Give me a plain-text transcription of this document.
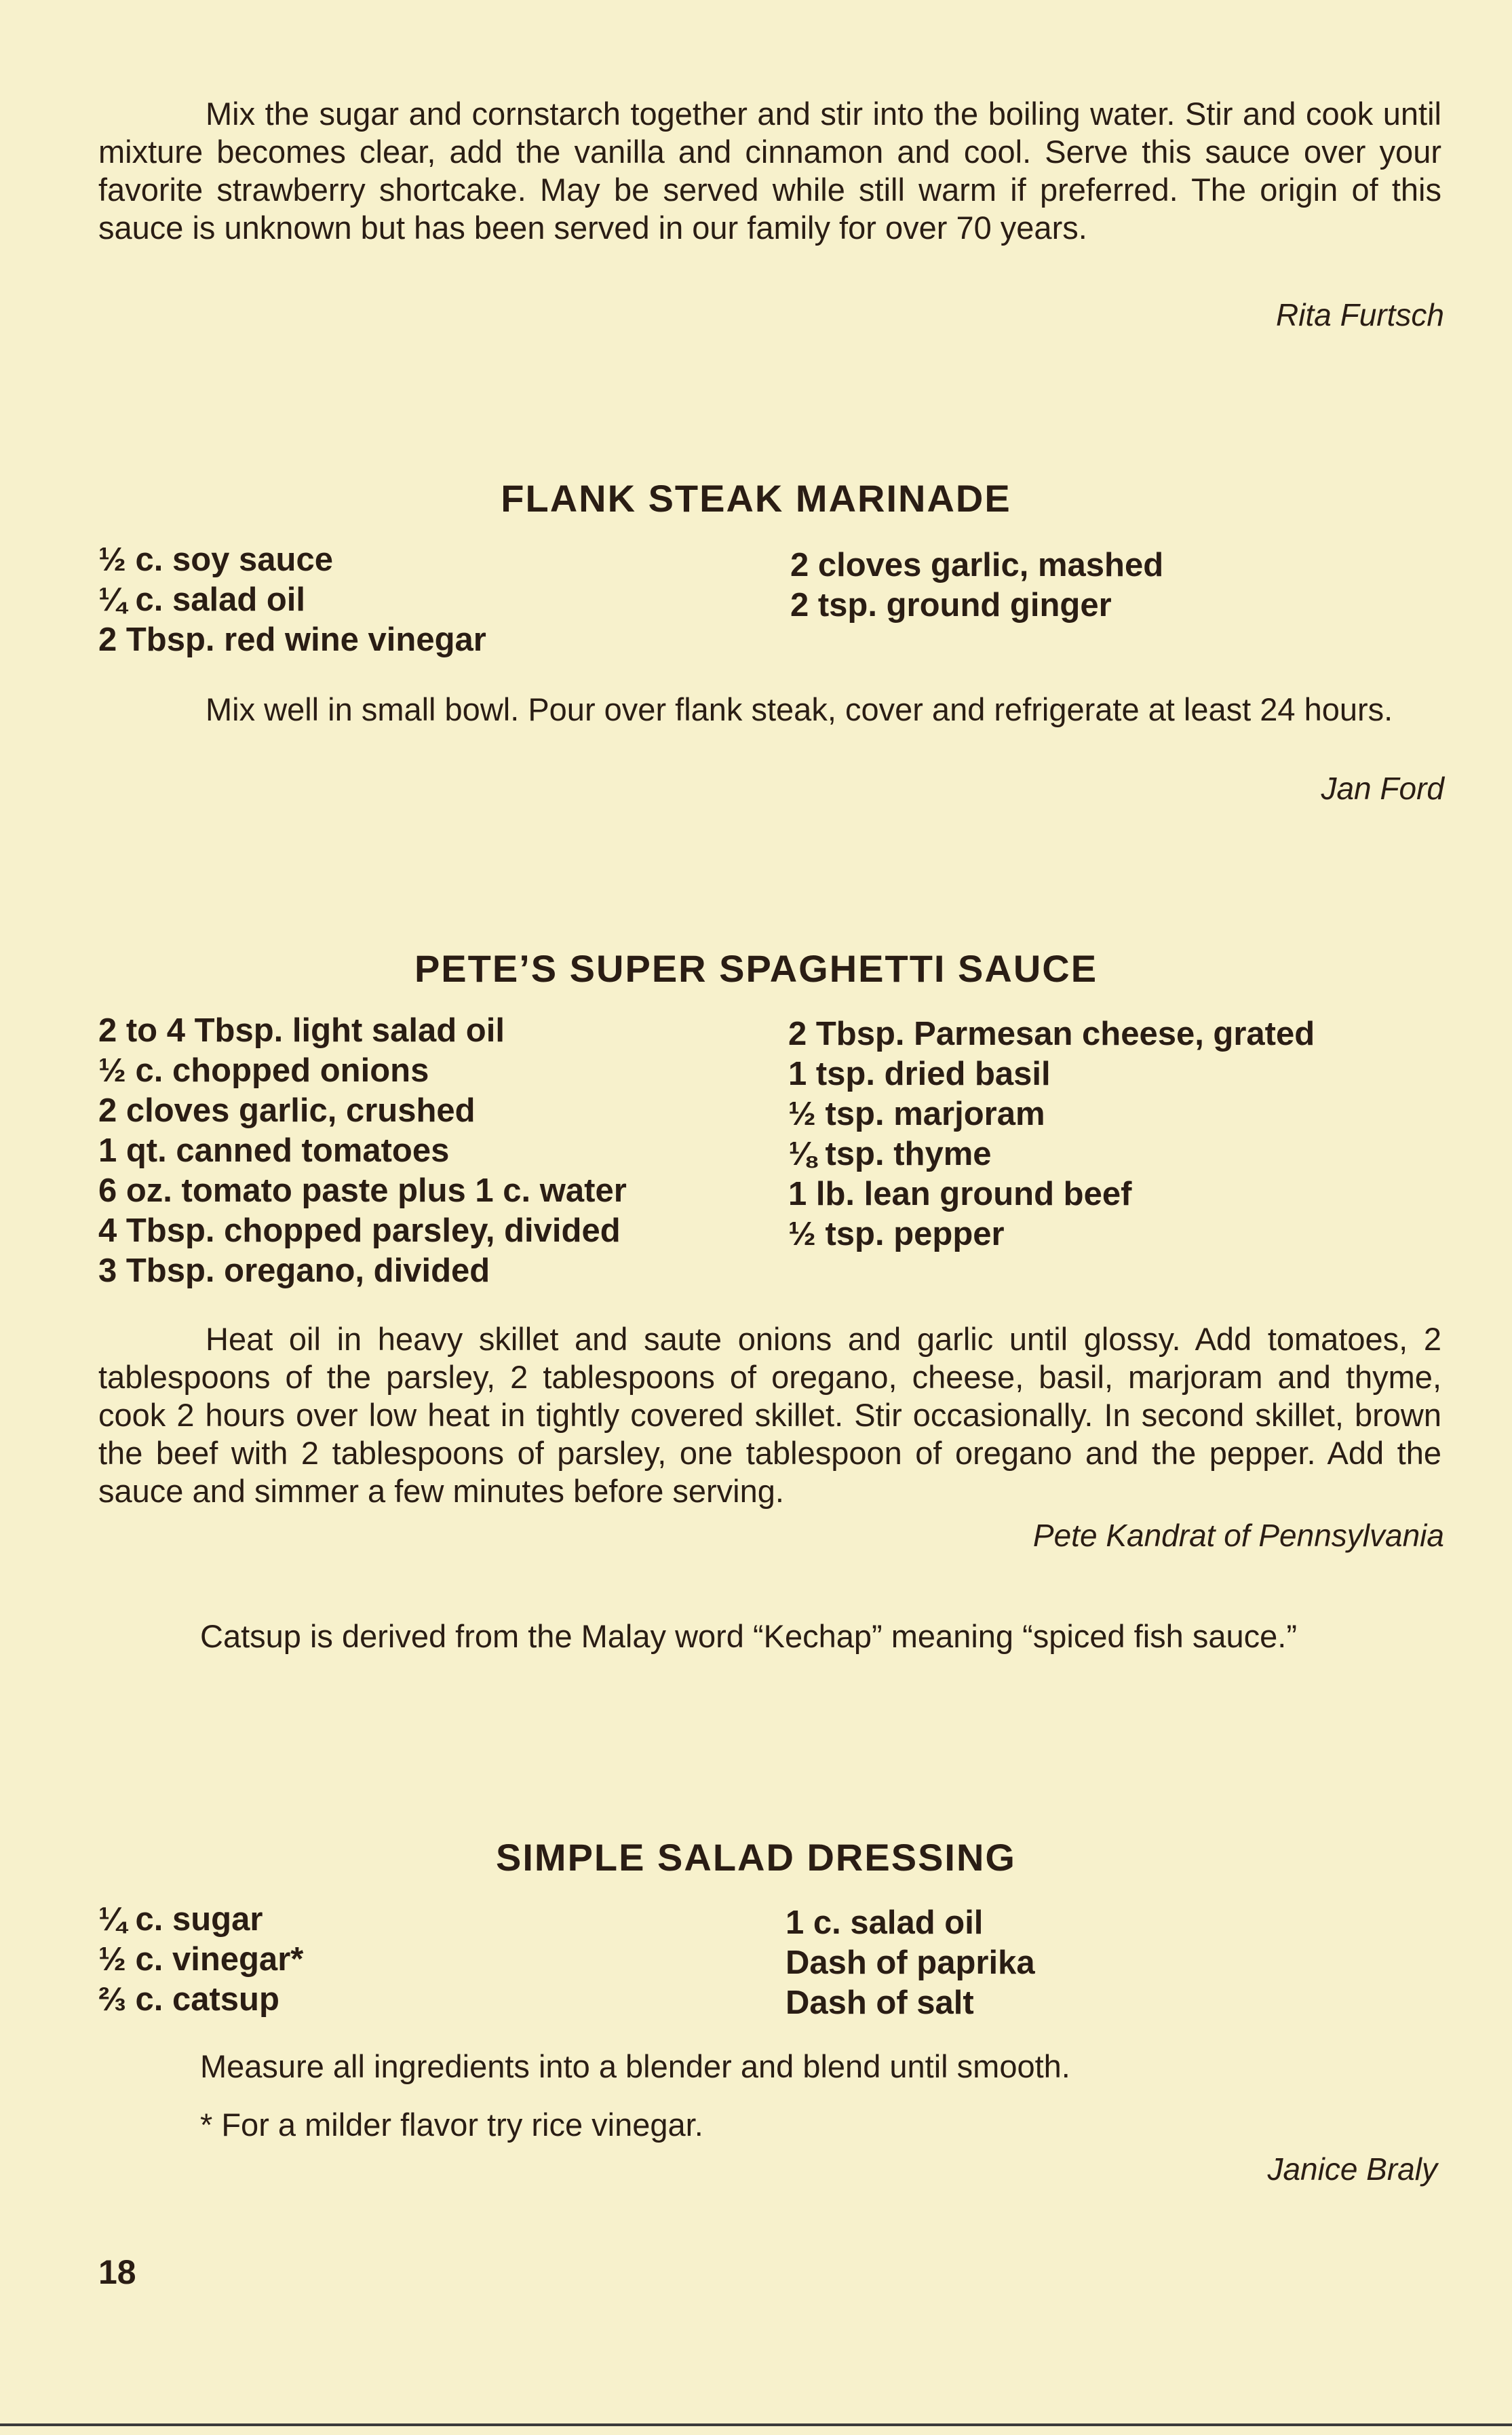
Mix the sugar and cornstarch together and stir into the boiling water. Stir and cook until mixture becomes clear, add the vanilla and cinnamon and cool. Serve this sauce over your favorite strawberry shortcake. May be served while still warm if preferred. The origin of this sauce is unknown but has been served in our family for over 70 years.

Rita Furtsch

FLANK STEAK MARINADE
½ c. soy sauce
¼ c. salad oil
2 Tbsp. red wine vinegar
2 cloves garlic, mashed
2 tsp. ground ginger

Mix well in small bowl. Pour over flank steak, cover and refrigerate at least 24 hours.

Jan Ford

PETE’S SUPER SPAGHETTI SAUCE
2 to 4 Tbsp. light salad oil
½ c. chopped onions
2 cloves garlic, crushed
1 qt. canned tomatoes
6 oz. tomato paste plus 1 c. water
4 Tbsp. chopped parsley, divided
3 Tbsp. oregano, divided
2 Tbsp. Parmesan cheese, grated
1 tsp. dried basil
½ tsp. marjoram
⅛ tsp. thyme
1 lb. lean ground beef
½ tsp. pepper

Heat oil in heavy skillet and saute onions and garlic until glossy. Add tomatoes, 2 tablespoons of the parsley, 2 tablespoons of oregano, cheese, basil, marjoram and thyme, cook 2 hours over low heat in tightly covered skillet. Stir occasionally. In second skillet, brown the beef with 2 tablespoons of parsley, one tablespoon of oregano and the pepper. Add the sauce and simmer a few minutes before serving.

Pete Kandrat of Pennsylvania

Catsup is derived from the Malay word “Kechap” meaning “spiced fish sauce.”

SIMPLE SALAD DRESSING
¼ c. sugar
½ c. vinegar*
⅔ c. catsup
1 c. salad oil
Dash of paprika
Dash of salt

Measure all ingredients into a blender and blend until smooth.

* For a milder flavor try rice vinegar.

Janice Braly

18
